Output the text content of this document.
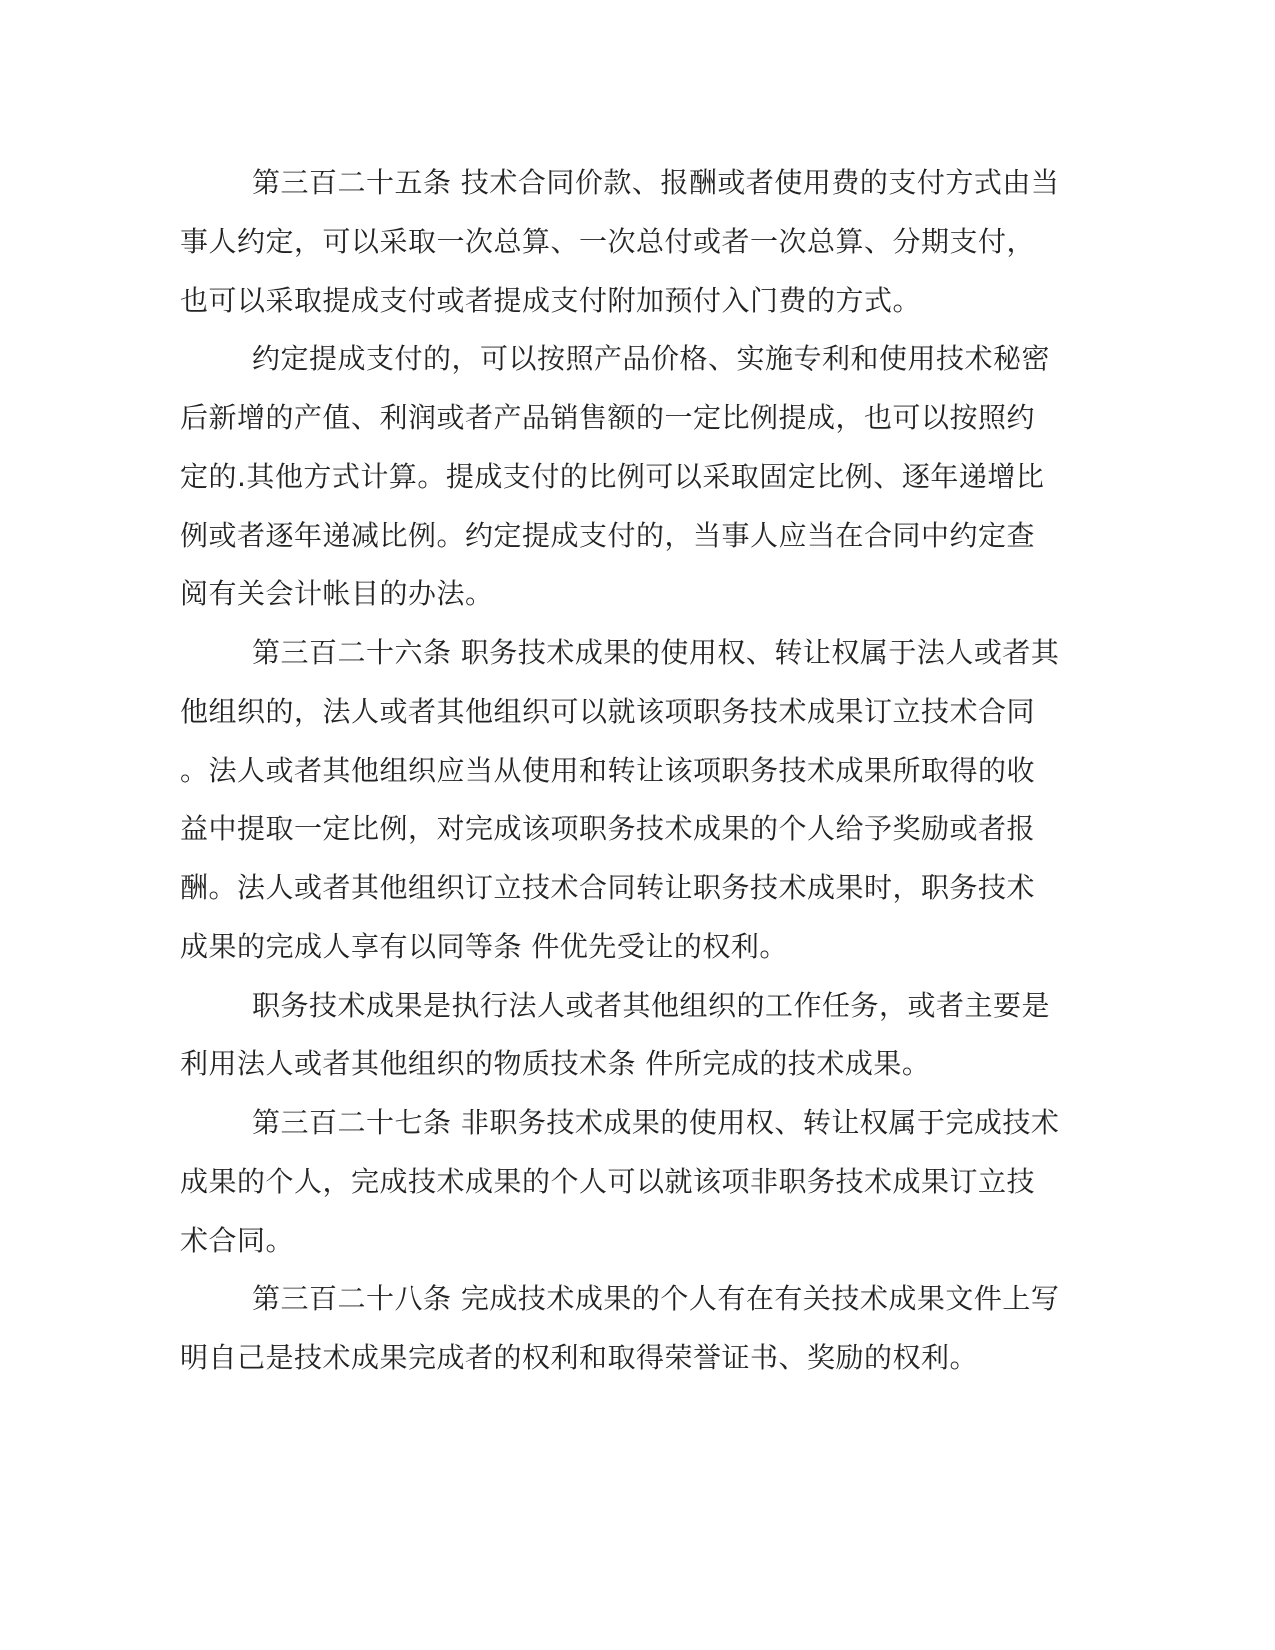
第三百二十五条 技术合同价款、报酬或者使用费的支付方式由当
事人约定，可以采取一次总算、一次总付或者一次总算、分期支付，
也可以采取提成支付或者提成支付附加预付入门费的方式。
约定提成支付的，可以按照产品价格、实施专利和使用技术秘密
后新增的产值、利润或者产品销售额的一定比例提成，也可以按照约
定的.其他方式计算。提成支付的比例可以采取固定比例、逐年递增比
例或者逐年递减比例。约定提成支付的，当事人应当在合同中约定查
阅有关会计帐目的办法。
第三百二十六条 职务技术成果的使用权、转让权属于法人或者其
他组织的，法人或者其他组织可以就该项职务技术成果订立技术合同
。法人或者其他组织应当从使用和转让该项职务技术成果所取得的收
益中提取一定比例，对完成该项职务技术成果的个人给予奖励或者报
酬。法人或者其他组织订立技术合同转让职务技术成果时，职务技术
成果的完成人享有以同等条 件优先受让的权利。
职务技术成果是执行法人或者其他组织的工作任务，或者主要是
利用法人或者其他组织的物质技术条 件所完成的技术成果。
第三百二十七条 非职务技术成果的使用权、转让权属于完成技术
成果的个人，完成技术成果的个人可以就该项非职务技术成果订立技
术合同。
第三百二十八条 完成技术成果的个人有在有关技术成果文件上写
明自己是技术成果完成者的权利和取得荣誉证书、奖励的权利。
